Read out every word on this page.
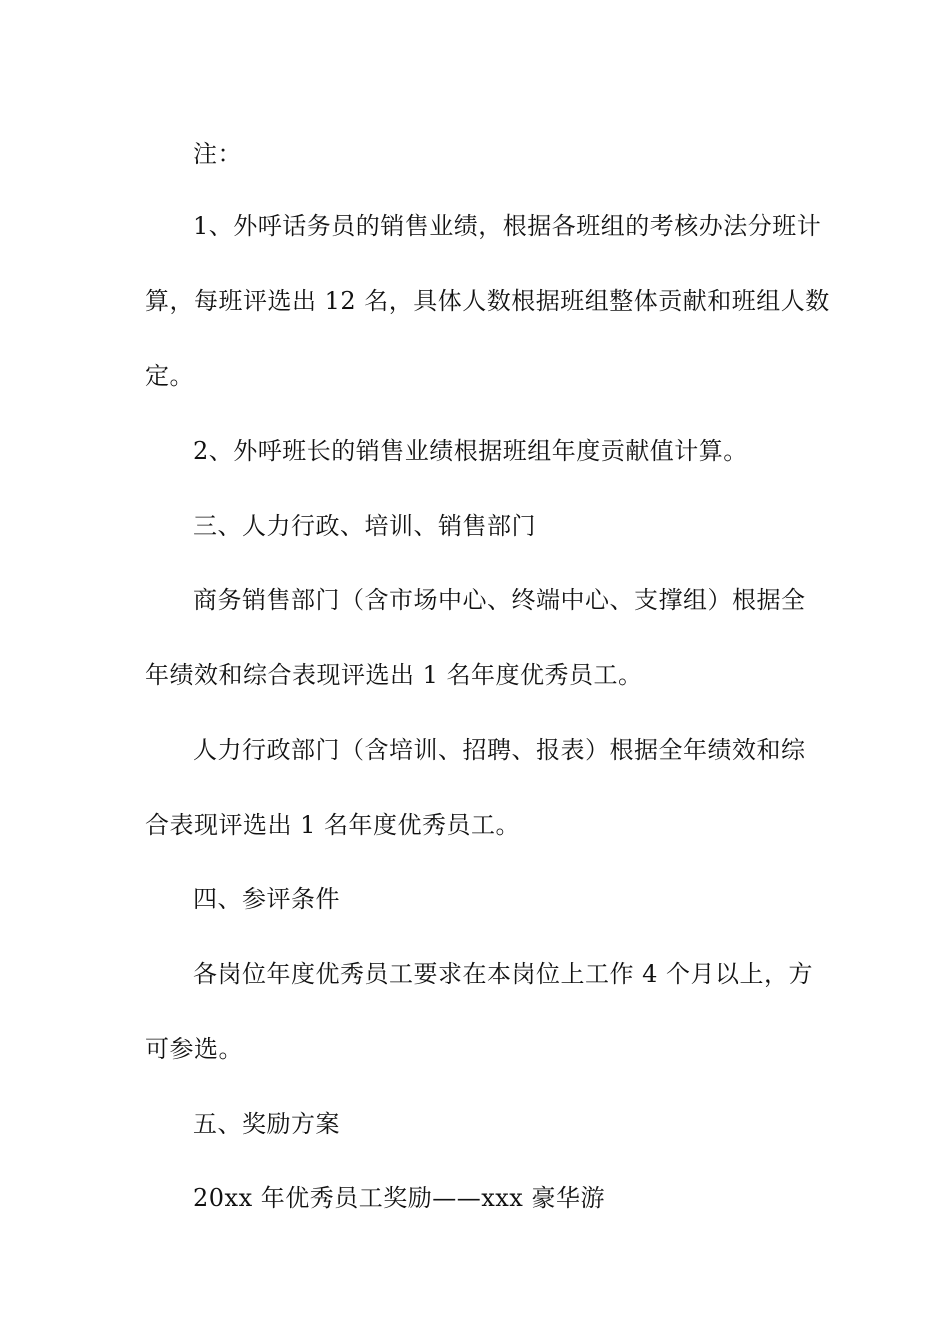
注：
1、外呼话务员的销售业绩，根据各班组的考核办法分班计
算，每班评选出 12 名，具体人数根据班组整体贡献和班组人数
定。
2、外呼班长的销售业绩根据班组年度贡献值计算。
三、人力行政、培训、销售部门
商务销售部门（含市场中心、终端中心、支撑组）根据全
年绩效和综合表现评选出 1 名年度优秀员工。
人力行政部门（含培训、招聘、报表）根据全年绩效和综
合表现评选出 1 名年度优秀员工。
四、参评条件
各岗位年度优秀员工要求在本岗位上工作 4 个月以上，方
可参选。
五、奖励方案
20xx 年优秀员工奖励——xxx 豪华游
